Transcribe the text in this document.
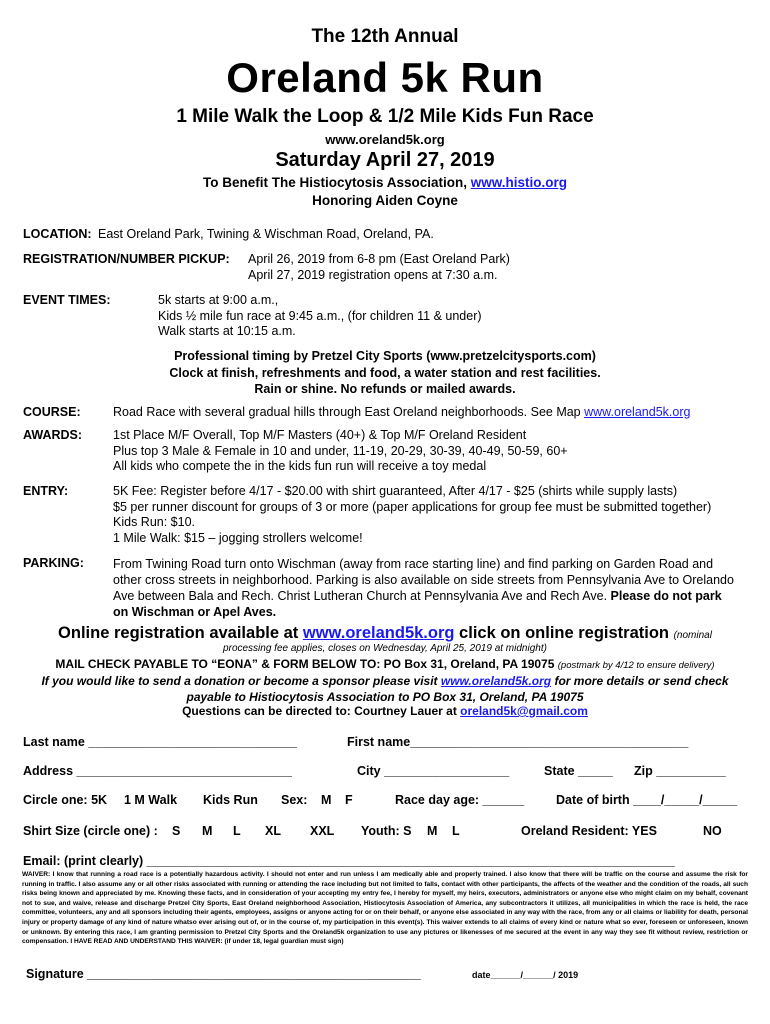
The 12th Annual
Oreland 5k Run
1 Mile Walk the Loop & 1/2 Mile Kids Fun Race
www.oreland5k.org
Saturday April 27, 2019
To Benefit The Histiocytosis Association, www.histio.org
Honoring Aiden Coyne
LOCATION: East Oreland Park, Twining & Wischman Road, Oreland, PA.
REGISTRATION/NUMBER PICKUP: April 26, 2019 from 6-8 pm (East Oreland Park)
April 27, 2019 registration opens at 7:30 a.m.
EVENT TIMES:	5k starts at 9:00 a.m.,
Kids ½ mile fun race at 9:45 a.m., (for children 11 & under)
Walk starts at 10:15 a.m.
Professional timing by Pretzel City Sports (www.pretzelcitysports.com)
Clock at finish, refreshments and food, a water station and rest facilities.
Rain or shine. No refunds or mailed awards.
COURSE:	Road Race with several gradual hills through East Oreland neighborhoods. See Map www.oreland5k.org
AWARDS: 1st Place M/F Overall, Top M/F Masters (40+) & Top M/F Oreland Resident
Plus top 3 Male & Female in 10 and under, 11-19, 20-29, 30-39, 40-49, 50-59, 60+
All kids who compete the in the kids fun run will receive a toy medal
ENTRY:	5K Fee: Register before 4/17 - $20.00 with shirt guaranteed, After 4/17 - $25 (shirts while supply lasts)
$5 per runner discount for groups of 3 or more (paper applications for group fee must be submitted together)
Kids Run: $10.
1 Mile Walk: $15 – jogging strollers welcome!
PARKING: From Twining Road turn onto Wischman (away from race starting line) and find parking on Garden Road and
other cross streets in neighborhood. Parking is also available on side streets from Pennsylvania Ave to Orelando
Ave between Bala and Rech. Christ Lutheran Church at Pennsylvania Ave and Rech Ave. Please do not park
on Wischman or Apel Aves.
Online registration available at www.oreland5k.org click on online registration (nominal
processing fee applies, closes on Wednesday, April 25, 2019 at midnight)
MAIL CHECK PAYABLE TO “EONA” & FORM BELOW TO: PO Box 31, Oreland, PA 19075 (postmark by 4/12 to ensure delivery)
If you would like to send a donation or become a sponsor please visit www.oreland5k.org for more details or send check
payable to Histiocytosis Association to PO Box 31, Oreland, PA 19075
Questions can be directed to: Courtney Lauer at oreland5k@gmail.com
Last name ______________________________	First name________________________________________
Address _______________________________	City __________________	State _____ Zip __________
Circle one: 5K 1 M Walk Kids Run Sex: M F	Race day age: ______	Date of birth ____/_____/_____
Shirt Size (circle one) : S M L XL XXL Youth: S M L	Oreland Resident: YES	NO
Email: (print clearly) ____________________________________________________________________________
WAIVER: I know that running a road race is a potentially hazardous activity. I should not enter and run unless I am medically able and properly trained. I also know that there will be traffic on the course and assume the risk for running in traffic. I also assume any or all other risks associated with running or attending the race including but not limited to falls, contact with other participants, the affects of the weather and the condition of the roads, all such risks being known and appreciated by me. Knowing these facts, and in consideration of your accepting my entry fee, I hereby for myself, my heirs, executors, administrators or anyone else who might claim on my behalf, covenant not to sue, and waive, release and discharge Pretzel City Sports, East Oreland neighborhood Association, Histiocytosis Association of America, any subcontractors it utilizes, all municipalities in which the race is held, the race committee, volunteers, any and all sponsors including their agents, employees, assigns or anyone acting for or on their behalf, or anyone else associated in any way with the race, from any or all claims or liability for death, personal injury or property damage of any kind of nature whatso ever arising out of, or in the course of, my participation in this event(s). This waiver extends to all claims of every kind or nature what so ever, foreseen or unforeseen, known or unknown. By entering this race, I am granting permission to Pretzel City Sports and the Oreland5k organization to use any pictures or likenesses of me secured at the event in any way they see fit without review, restriction or compensation. I HAVE READ AND UNDERSTAND THIS WAIVER: (if under 18, legal guardian must sign)
Signature ________________________________________________	date______/______/ 2019
